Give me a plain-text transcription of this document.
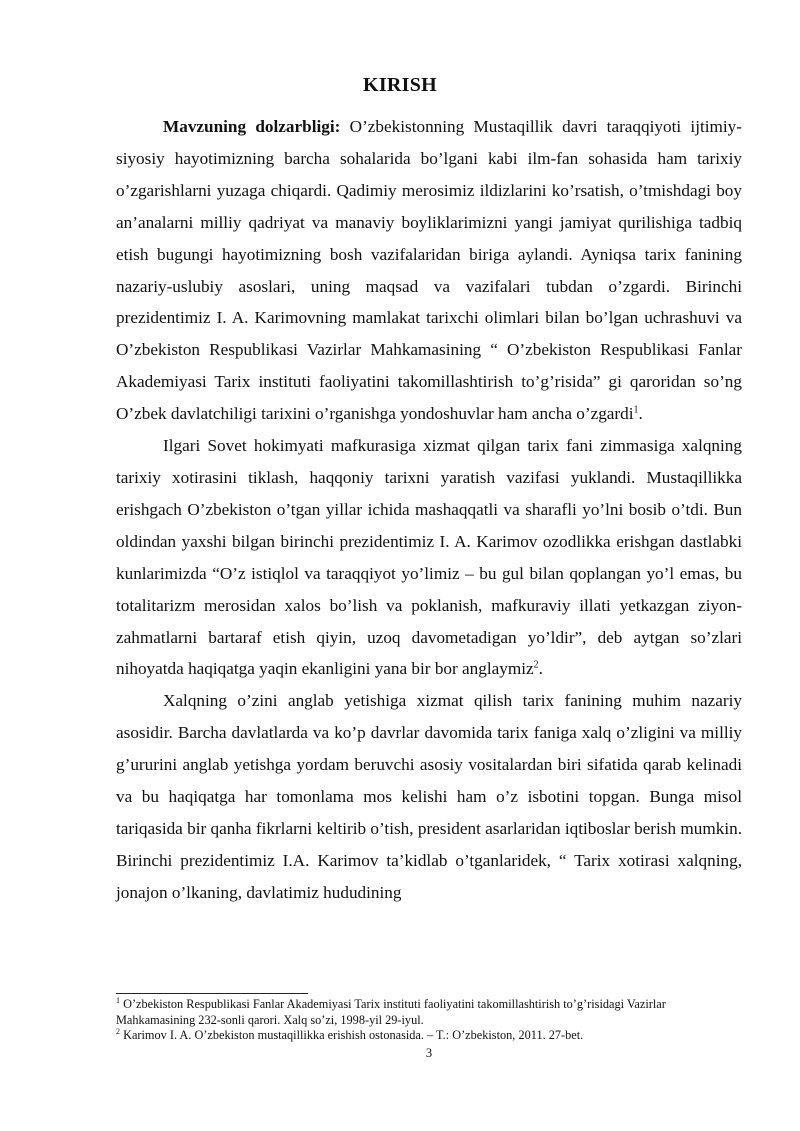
KIRISH

Mavzuning dolzarbligi: O’zbekistonning Mustaqillik davri taraqqiyoti ijtimiy-siyosiy hayotimizning barcha sohalarida bo’lgani kabi ilm-fan sohasida ham tarixiy o’zgarishlarni yuzaga chiqardi. Qadimiy merosimiz ildizlarini ko’rsatish, o’tmishdagi boy an’analarni milliy qadriyat va manaviy boyliklarimizni yangi jamiyat qurilishiga tadbiq etish bugungi hayotimizning bosh vazifalaridan biriga aylandi. Ayniqsa tarix fanining nazariy-uslubiy asoslari, uning maqsad va vazifalari tubdan o’zgardi. Birinchi prezidentimiz I. A. Karimovning mamlakat tarixchi olimlari bilan bo’lgan uchrashuvi va O’zbekiston Respublikasi Vazirlar Mahkamasining “ O’zbekiston Respublikasi Fanlar Akademiyasi Tarix instituti faoliyatini takomillashtirish to’g’risida” gi qaroridan so’ng O’zbek davlatchiligi tarixini o’rganishga yondoshuvlar ham ancha o’zgardi$^1$.

Ilgari Sovet hokimyati mafkurasiga xizmat qilgan tarix fani zimmasiga xalqning tarixiy xotirasini tiklash, haqqoniy tarixni yaratish vazifasi yuklandi. Mustaqillikka erishgach O’zbekiston o’tgan yillar ichida mashaqqatli va sharafli yo’lni bosib o’tdi. Bun oldindan yaxshi bilgan birinchi prezidentimiz I. A. Karimov ozodlikka erishgan dastlabki kunlarimizda “O’z istiqlol va taraqqiyot yo’limiz – bu gul bilan qoplangan yo’l emas, bu totalitarizm merosidan xalos bo’lish va poklanish, mafkuraviy illati yetkazgan ziyon-zahmatlarni bartaraf etish qiyin, uzoq davometadigan yo’ldir”, deb aytgan so’zlari nihoyatda haqiqatga yaqin ekanligini yana bir bor anglaymiz$^2$.

Xalqning o’zini anglab yetishiga xizmat qilish tarix fanining muhim nazariy asosidir. Barcha davlatlarda va ko’p davrlar davomida tarix faniga xalq o’zligini va milliy g’ururini anglab yetishga yordam beruvchi asosiy vositalardan biri sifatida qarab kelinadi va bu haqiqatga har tomonlama mos kelishi ham o’z isbotini topgan. Bunga misol tariqasida bir qanha fikrlarni keltirib o’tish, president asarlaridan iqtiboslar berish mumkin. Birinchi prezidentimiz I.A. Karimov ta’kidlab o’tganlaridek, “ Tarix xotirasi xalqning, jonajon o’lkaning, davlatimiz hududining

$^1$ O’zbekiston Respublikasi Fanlar Akademiyasi Tarix instituti faoliyatini takomillashtirish to’g’risidagi Vazirlar Mahkamasining 232-sonli qarori. Xalq so’zi, 1998-yil 29-iyul.

$^2$ Karimov I. A. O’zbekiston mustaqillikka erishish ostonasida. – T.: O’zbekiston, 2011. 27-bet.

3
